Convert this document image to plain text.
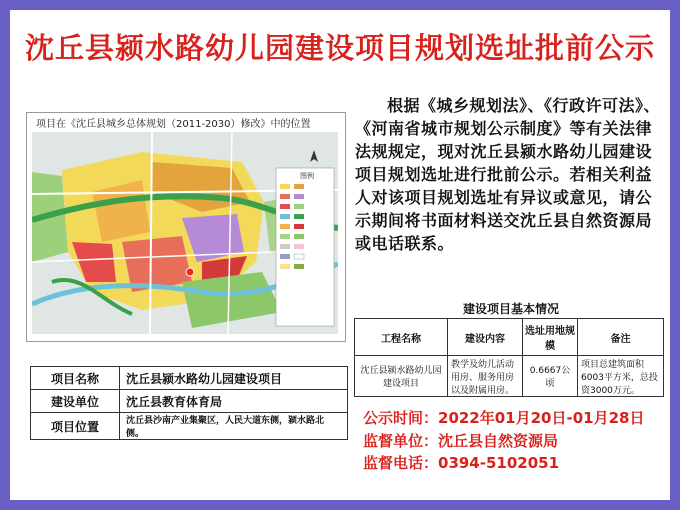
沈丘县颍水路幼儿园建设项目规划选址批前公示
项目在《沈丘县城乡总体规划（2011-2030）修改》中的位置
图例
根据《城乡规划法》、《行政许可法》、《河南省城市规划公示制度》等有关法律法规规定，现对沈丘县颍水路幼儿园建设项目规划选址进行批前公示。若相关利益人对该项目规划选址有异议或意见，请公示期间将书面材料送交沈丘县自然资源局或电话联系。
建设项目基本情况
工程名称	建设内容	选址用地规模	备注
沈丘县颍水路幼儿园建设项目	教学及幼儿活动用房、服务用房以及附属用房。	0.6667公顷	项目总建筑面积6003平方米，总投资3000万元。
项目名称	沈丘县颍水路幼儿园建设项目
建设单位	沈丘县教育体育局
项目位置	沈丘县沙南产业集聚区，人民大道东侧，颍水路北侧。
公示时间：2022年01月20日-01月28日
监督单位：沈丘县自然资源局
监督电话：0394-5102051
